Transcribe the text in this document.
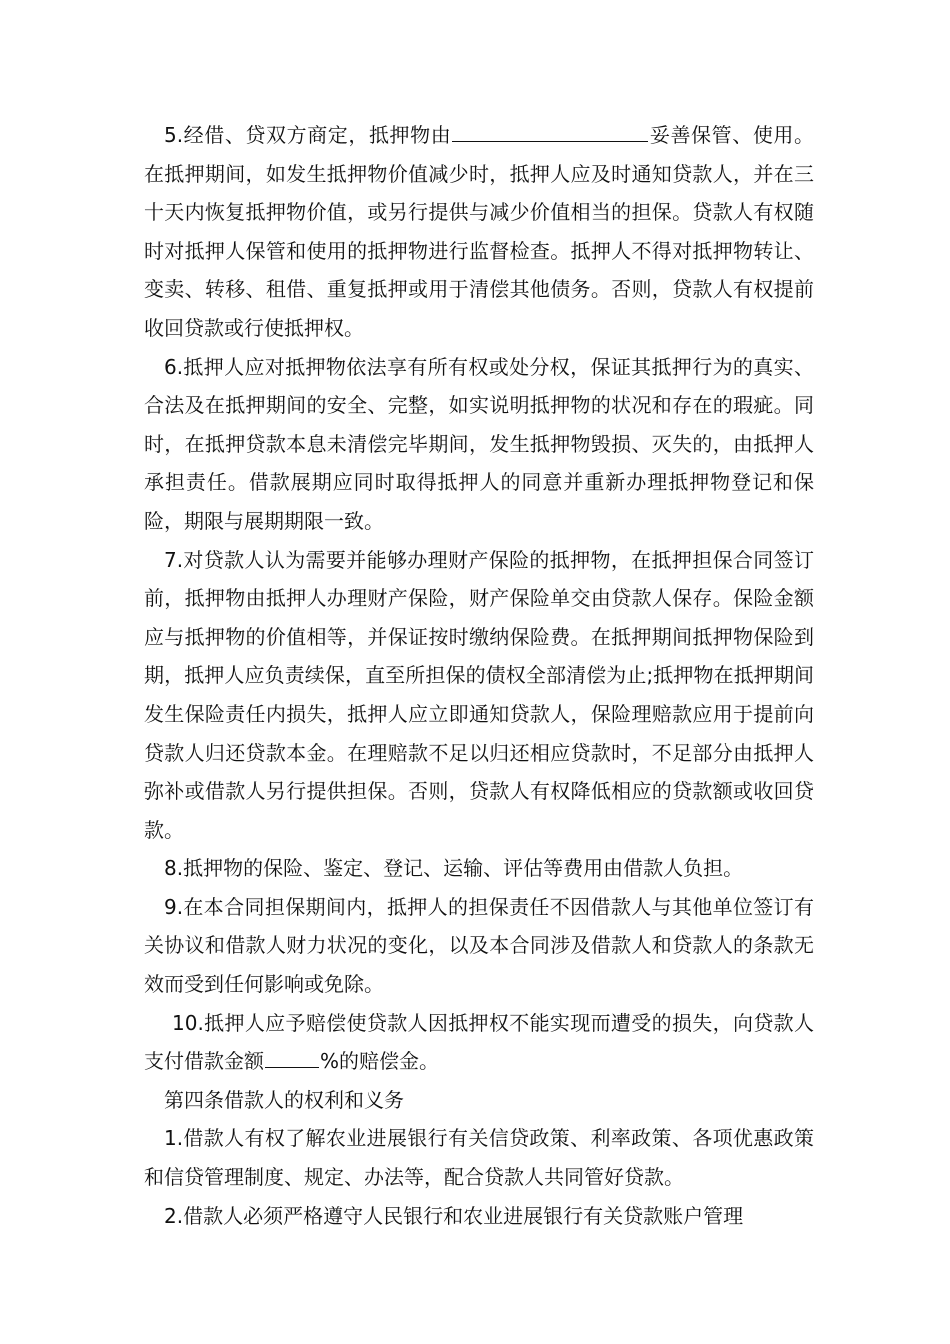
5.经借、贷双方商定，抵押物由	妥善保管、使用。在抵押期间，如发生抵押物价值减少时，抵押人应及时通知贷款人，并在三十天内恢复抵押物价值，或另行提供与减少价值相当的担保。贷款人有权随时对抵押人保管和使用的抵押物进行监督检查。抵押人不得对抵押物转让、变卖、转移、租借、重复抵押或用于清偿其他债务。否则，贷款人有权提前收回贷款或行使抵押权。

6.抵押人应对抵押物依法享有所有权或处分权，保证其抵押行为的真实、合法及在抵押期间的安全、完整，如实说明抵押物的状况和存在的瑕疵。同时，在抵押贷款本息未清偿完毕期间，发生抵押物毁损、灭失的，由抵押人承担责任。借款展期应同时取得抵押人的同意并重新办理抵押物登记和保险，期限与展期期限一致。

7.对贷款人认为需要并能够办理财产保险的抵押物，在抵押担保合同签订前，抵押物由抵押人办理财产保险，财产保险单交由贷款人保存。保险金额应与抵押物的价值相等，并保证按时缴纳保险费。在抵押期间抵押物保险到期，抵押人应负责续保，直至所担保的债权全部清偿为止;抵押物在抵押期间发生保险责任内损失，抵押人应立即通知贷款人，保险理赔款应用于提前向贷款人归还贷款本金。在理赔款不足以归还相应贷款时，不足部分由抵押人弥补或借款人另行提供担保。否则，贷款人有权降低相应的贷款额或收回贷款。

8.抵押物的保险、鉴定、登记、运输、评估等费用由借款人负担。

9.在本合同担保期间内，抵押人的担保责任不因借款人与其他单位签订有关协议和借款人财力状况的变化，以及本合同涉及借款人和贷款人的条款无效而受到任何影响或免除。

10.抵押人应予赔偿使贷款人因抵押权不能实现而遭受的损失，向贷款人支付借款金额	%的赔偿金。

第四条借款人的权利和义务

1.借款人有权了解农业进展银行有关信贷政策、利率政策、各项优惠政策和信贷管理制度、规定、办法等，配合贷款人共同管好贷款。

2.借款人必须严格遵守人民银行和农业进展银行有关贷款账户管理
